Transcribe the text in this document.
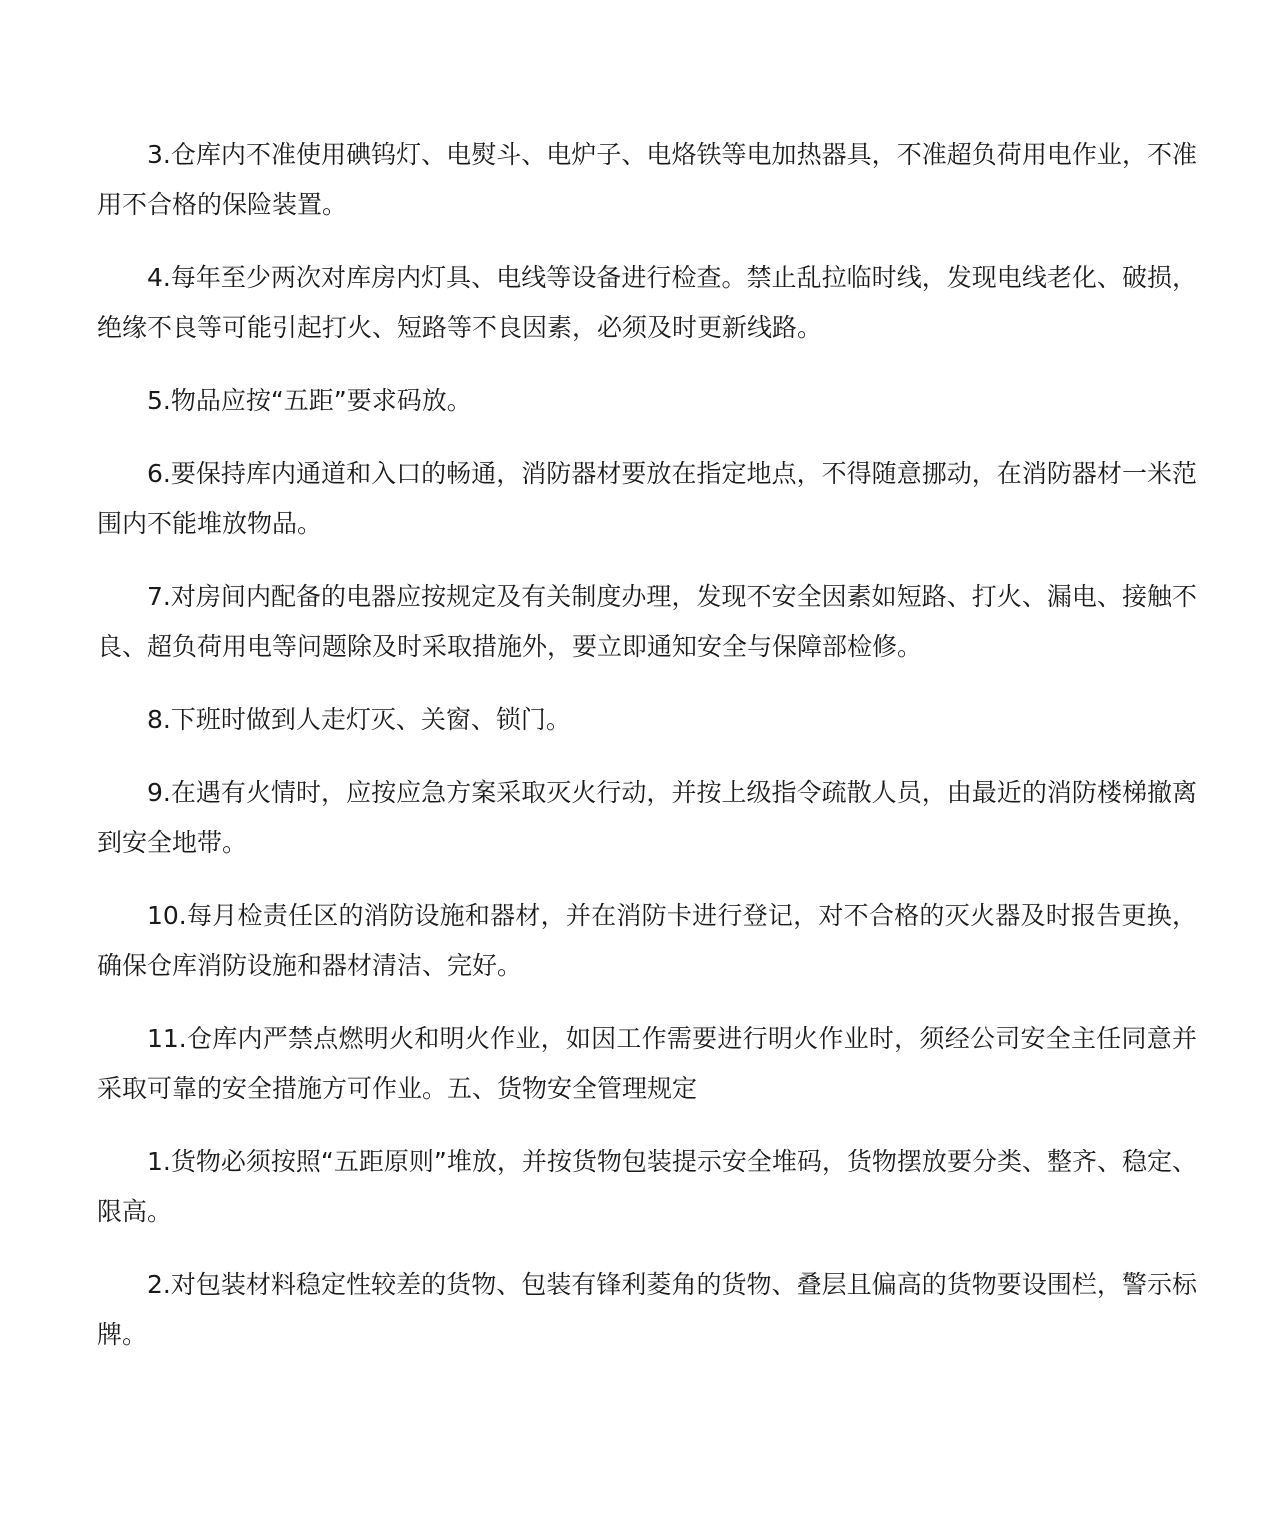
3.仓库内不准使用碘钨灯、电熨斗、电炉子、电烙铁等电加热器具，不准超负荷用电作业，不准用不合格的保险装置。

4.每年至少两次对库房内灯具、电线等设备进行检查。禁止乱拉临时线，发现电线老化、破损，绝缘不良等可能引起打火、短路等不良因素，必须及时更新线路。

5.物品应按“五距”要求码放。

6.要保持库内通道和入口的畅通，消防器材要放在指定地点，不得随意挪动，在消防器材一米范围内不能堆放物品。

7.对房间内配备的电器应按规定及有关制度办理，发现不安全因素如短路、打火、漏电、接触不良、超负荷用电等问题除及时采取措施外，要立即通知安全与保障部检修。

8.下班时做到人走灯灭、关窗、锁门。

9.在遇有火情时，应按应急方案采取灭火行动，并按上级指令疏散人员，由最近的消防楼梯撤离到安全地带。

10.每月检责任区的消防设施和器材，并在消防卡进行登记，对不合格的灭火器及时报告更换，确保仓库消防设施和器材清洁、完好。

11.仓库内严禁点燃明火和明火作业，如因工作需要进行明火作业时，须经公司安全主任同意并采取可靠的安全措施方可作业。五、货物安全管理规定

1.货物必须按照“五距原则”堆放，并按货物包装提示安全堆码，货物摆放要分类、整齐、稳定、限高。

2.对包装材料稳定性较差的货物、包装有锋利菱角的货物、叠层且偏高的货物要设围栏，警示标牌。
